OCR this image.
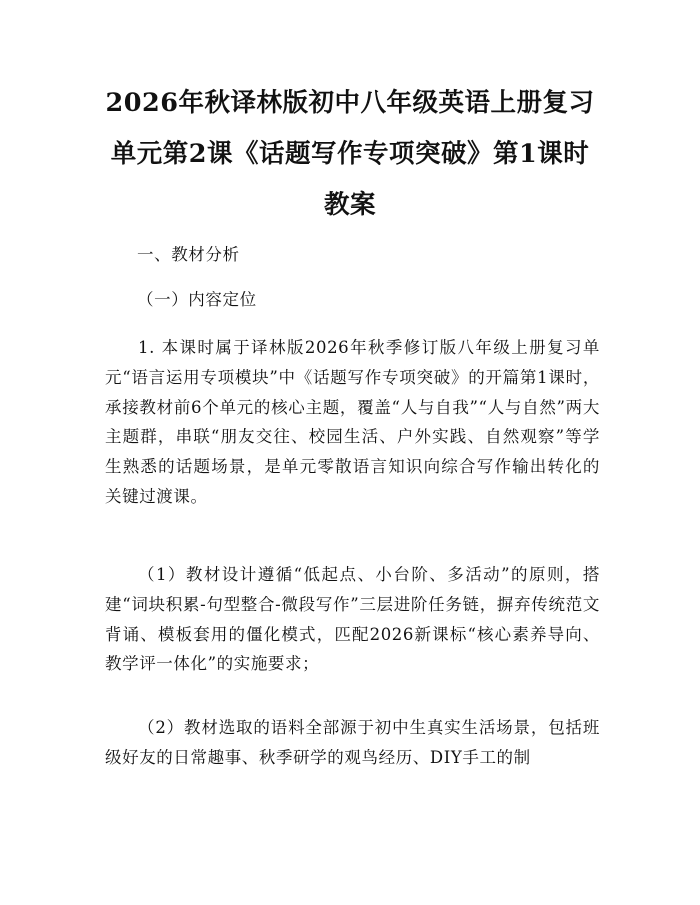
2026年秋译林版初中八年级英语上册复习单元第2课《话题写作专项突破》第1课时教案

一、教材分析

（一）内容定位

1. 本课时属于译林版2026年秋季修订版八年级上册复习单元“语言运用专项模块”中《话题写作专项突破》的开篇第1课时，承接教材前6个单元的核心主题，覆盖“人与自我”“人与自然”两大主题群，串联“朋友交往、校园生活、户外实践、自然观察”等学生熟悉的话题场景，是单元零散语言知识向综合写作输出转化的关键过渡课。

（1）教材设计遵循“低起点、小台阶、多活动”的原则，搭建“词块积累-句型整合-微段写作”三层进阶任务链，摒弃传统范文背诵、模板套用的僵化模式，匹配2026新课标“核心素养导向、教学评一体化”的实施要求；

（2）教材选取的语料全部源于初中生真实生活场景，包括班级好友的日常趣事、秋季研学的观鸟经历、DIY手工的制
